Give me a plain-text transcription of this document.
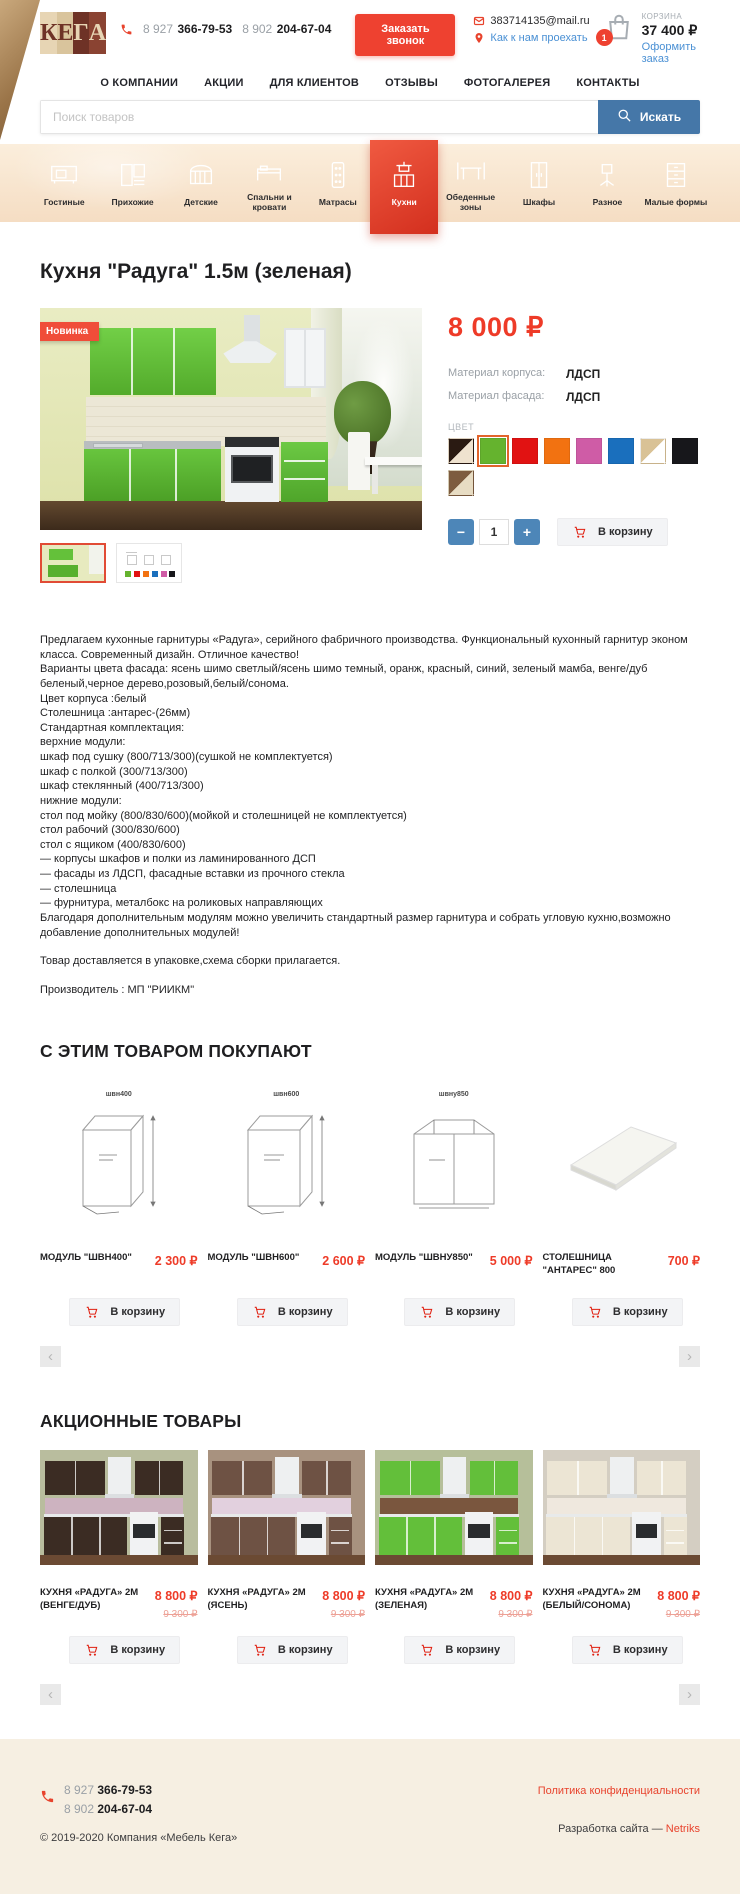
К Е Г А	8 927 366-79-53 8 902 204-67-04	Заказать звонок
383714135@mail.ru
Как к нам проехать	1
КОРЗИНА
37 400 ₽
Оформить заказ
О КОМПАНИИ АКЦИИ ДЛЯ КЛИЕНТОВ ОТЗЫВЫ ФОТОГАЛЕРЕЯ КОНТАКТЫ
Поиск товаров
Искать
Гостиные	Прихожие	Детские	Спальни и кровати	Матрасы	Кухни	Обеденные зоны	Шкафы	Разное	Малые формы
Кухня "Радуга" 1.5м (зеленая)
Новинка	8 000 ₽
Материал корпуса:	ЛДСП
Материал фасада:	ЛДСП
ЦВЕТ
−	1	+	В корзину
Предлагаем кухонные гарнитуры «Радуга», серийного фабричного производства. Функциональный кухонный гарнитур эконом класса. Современный дизайн. Отличное качество!
Варианты цвета фасада: ясень шимо светлый/ясень шимо темный, оранж, красный, синий, зеленый мамба, венге/дуб беленый,черное дерево,розовый,белый/сонома.
Цвет корпуса :белый
Столешница :антарес-(26мм)
Стандартная комплектация:
верхние модули:
шкаф под сушку (800/713/300)(сушкой не комплектуется)
шкаф с полкой (300/713/300)
шкаф стеклянный (400/713/300)
нижние модули:
стол под мойку (800/830/600)(мойкой и столешницей не комплектуется)
стол рабочий (300/830/600)
стол с ящиком (400/830/600)
— корпусы шкафов и полки из ламинированного ДСП
— фасады из ЛДСП, фасадные вставки из прочного стекла
— столешница
— фурнитура, металбокс на роликовых направляющих
Благодаря дополнительным модулям можно увеличить стандартный размер гарнитура и собрать угловую кухню,возможно добавление дополнительных модулей!
Товар доставляется в упаковке,схема сборки прилагается.
Производитель : МП "РИИКМ"
С ЭТИМ ТОВАРОМ ПОКУПАЮТ
швн400
МОДУЛЬ "ШВН400" 2 300 ₽
В корзину
швн600
МОДУЛЬ "ШВН600" 2 600 ₽
В корзину
швну850
МОДУЛЬ "ШВНУ850" 5 000 ₽
В корзину
СТОЛЕШНИЦА "АНТАРЕС" 800
700 ₽
В корзину
‹	›
АКЦИОННЫЕ ТОВАРЫ
КУХНЯ «РАДУГА» 2М (ВЕНГЕ/ДУБ)
8 800 ₽
9 300 ₽
В корзину
КУХНЯ «РАДУГА» 2М (ЯСЕНЬ)
8 800 ₽
9 300 ₽
В корзину
КУХНЯ «РАДУГА» 2М (ЗЕЛЕНАЯ)
8 800 ₽
9 300 ₽
В корзину
КУХНЯ «РАДУГА» 2М (БЕЛЫЙ/СОНОМА)
8 800 ₽
9 300 ₽
В корзину
‹	›
8 927 366-79-53
8 902 204-67-04
© 2019-2020 Компания «Мебель Кега»
Политика конфиденциальности
Разработка сайта — Netriks
